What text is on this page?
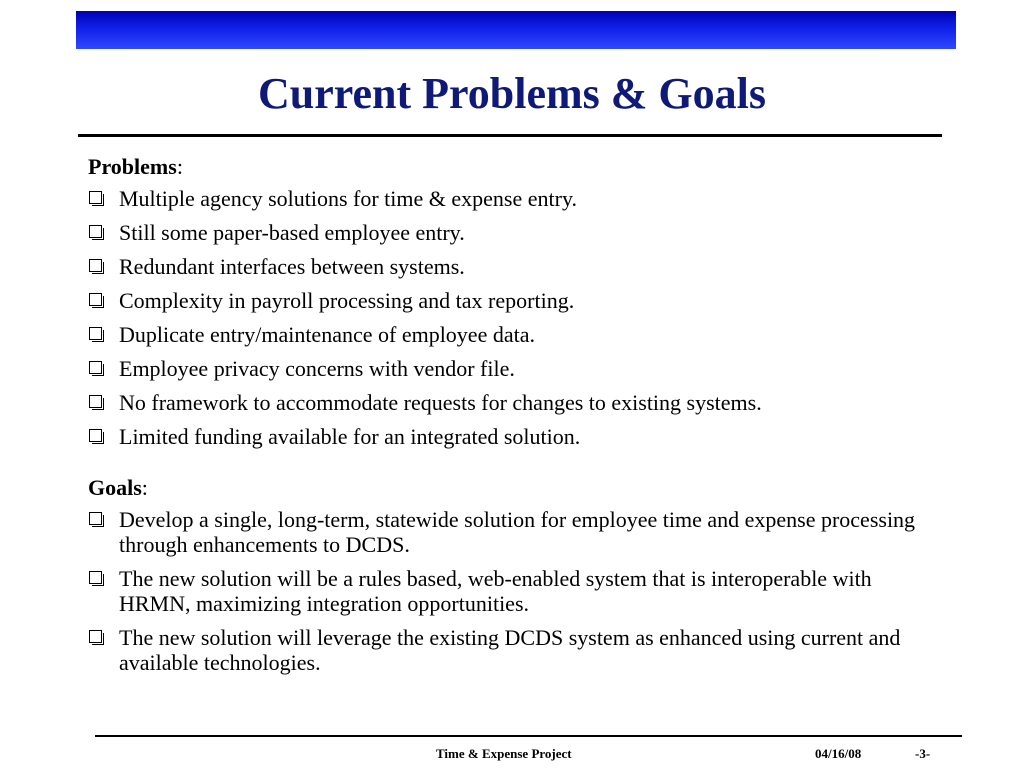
Current Problems & Goals
Problems:
Multiple agency solutions for time & expense entry.
Still some paper-based employee entry.
Redundant interfaces between systems.
Complexity in payroll processing and tax reporting.
Duplicate entry/maintenance of employee data.
Employee privacy concerns with vendor file.
No framework to accommodate requests for changes to existing systems.
Limited funding available for an integrated solution.
Goals:
Develop a single, long-term, statewide solution for employee time and expense processing through enhancements to DCDS.
The new solution will be a rules based, web-enabled system that is interoperable with HRMN, maximizing integration opportunities.
The new solution will leverage the existing DCDS system as enhanced using current and available technologies.
Time & Expense Project	04/16/08	-3-
